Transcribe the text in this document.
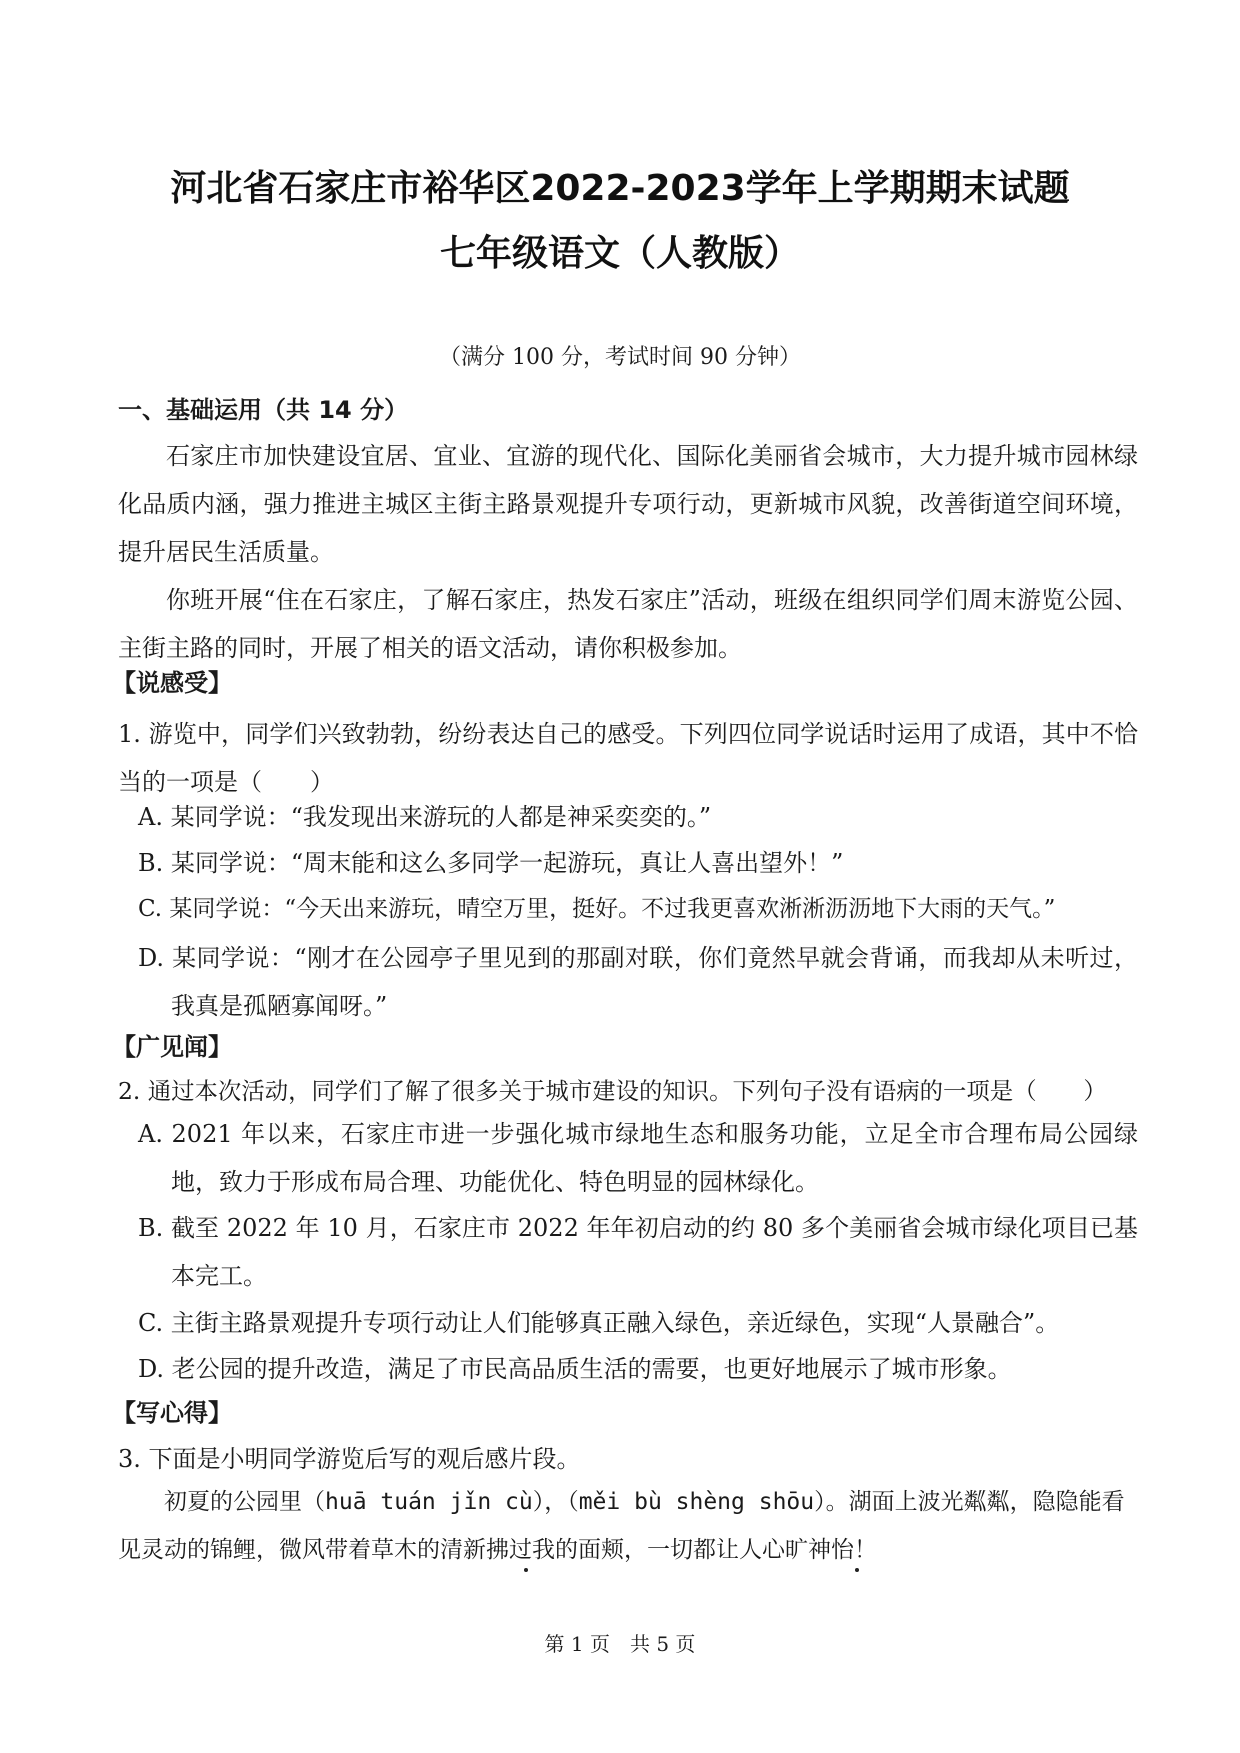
河北省石家庄市裕华区2022-2023学年上学期期末试题
七年级语文（人教版）
（满分 100 分，考试时间 90 分钟）
一、基础运用（共 14 分）
石家庄市加快建设宜居、宜业、宜游的现代化、国际化美丽省会城市，大力提升城市园林绿化品质内涵，强力推进主城区主街主路景观提升专项行动，更新城市风貌，改善街道空间环境，提升居民生活质量。
你班开展“住在石家庄，了解石家庄，热发石家庄”活动，班级在组织同学们周末游览公园、主街主路的同时，开展了相关的语文活动，请你积极参加。
【说感受】
1. 游览中，同学们兴致勃勃，纷纷表达自己的感受。下列四位同学说话时运用了成语，其中不恰当的一项是（　　）
A. 某同学说：“我发现出来游玩的人都是神采奕奕的。”
B. 某同学说：“周末能和这么多同学一起游玩，真让人喜出望外！”
C. 某同学说：“今天出来游玩，晴空万里，挺好。不过我更喜欢淅淅沥沥地下大雨的天气。”
D. 某同学说：“刚才在公园亭子里见到的那副对联，你们竟然早就会背诵，而我却从未听过，我真是孤陋寡闻呀。”
【广见闻】
2. 通过本次活动，同学们了解了很多关于城市建设的知识。下列句子没有语病的一项是（　　）
A. 2021 年以来，石家庄市进一步强化城市绿地生态和服务功能，立足全市合理布局公园绿地，致力于形成布局合理、功能优化、特色明显的园林绿化。
B. 截至 2022 年 10 月，石家庄市 2022 年年初启动的约 80 多个美丽省会城市绿化项目已基本完工。
C. 主街主路景观提升专项行动让人们能够真正融入绿色，亲近绿色，实现“人景融合”。
D. 老公园的提升改造，满足了市民高品质生活的需要，也更好地展示了城市形象。
【写心得】
3. 下面是小明同学游览后写的观后感片段。
初夏的公园里（huā tuán jǐn cù），（měi bù shèng shōu）。湖面上波光粼粼，隐隐能看见灵动的锦鲤，微风带着草木的清新拂过我的面颊，一切都让人心旷神怡！
第 1 页　共 5 页
